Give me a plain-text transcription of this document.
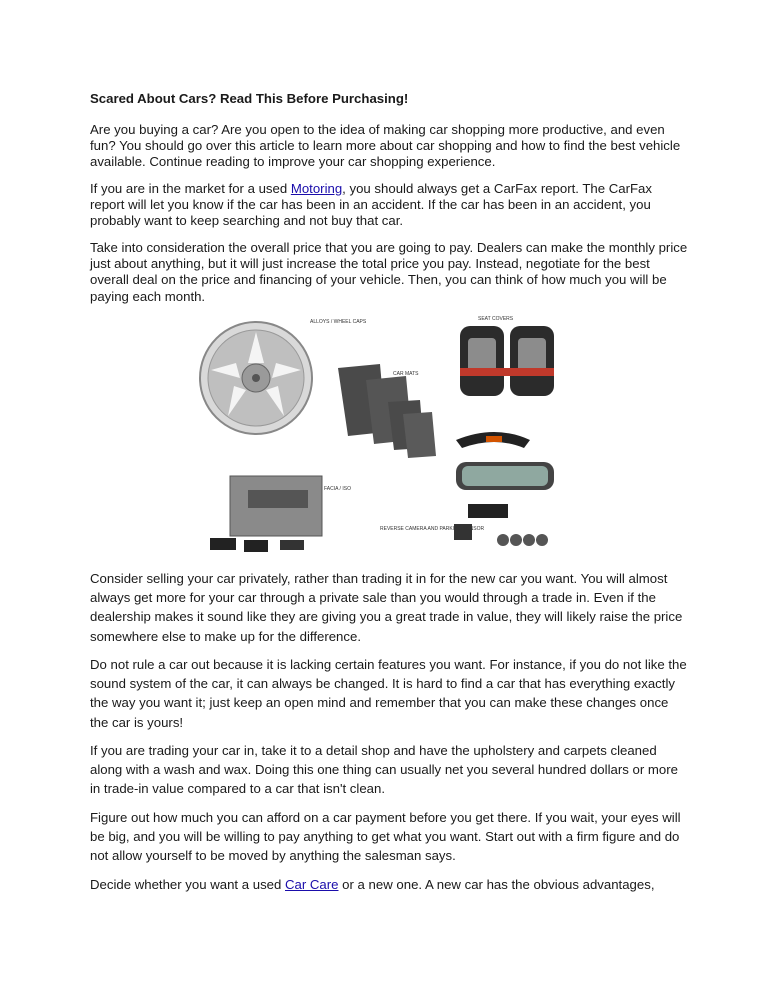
Scared About Cars? Read This Before Purchasing!

Are you buying a car? Are you open to the idea of making car shopping more productive, and even fun? You should go over this article to learn more about car shopping and how to find the best vehicle available. Continue reading to improve your car shopping experience.

If you are in the market for a used Motoring, you should always get a CarFax report. The CarFax report will let you know if the car has been in an accident. If the car has been in an accident, you probably want to keep searching and not buy that car.

Take into consideration the overall price that you are going to pay. Dealers can make the monthly price just about anything, but it will just increase the total price you pay. Instead, negotiate for the best overall deal on the price and financing of your vehicle. Then, you can think of how much you will be paying each month.

ALLOYS / WHEEL CAPS	SEAT COVERS
CAR MATS
FACIA / ISO
REVERSE CAMERA AND PARKING SENSOR

Consider selling your car privately, rather than trading it in for the new car you want. You will almost always get more for your car through a private sale than you would through a trade in. Even if the dealership makes it sound like they are giving you a great trade in value, they will likely raise the price somewhere else to make up for the difference.

Do not rule a car out because it is lacking certain features you want. For instance, if you do not like the sound system of the car, it can always be changed. It is hard to find a car that has everything exactly the way you want it; just keep an open mind and remember that you can make these changes once the car is yours!

If you are trading your car in, take it to a detail shop and have the upholstery and carpets cleaned along with a wash and wax. Doing this one thing can usually net you several hundred dollars or more in trade-in value compared to a car that isn't clean.

Figure out how much you can afford on a car payment before you get there. If you wait, your eyes will be big, and you will be willing to pay anything to get what you want. Start out with a firm figure and do not allow yourself to be moved by anything the salesman says.

Decide whether you want a used Car Care or a new one. A new car has the obvious advantages,
